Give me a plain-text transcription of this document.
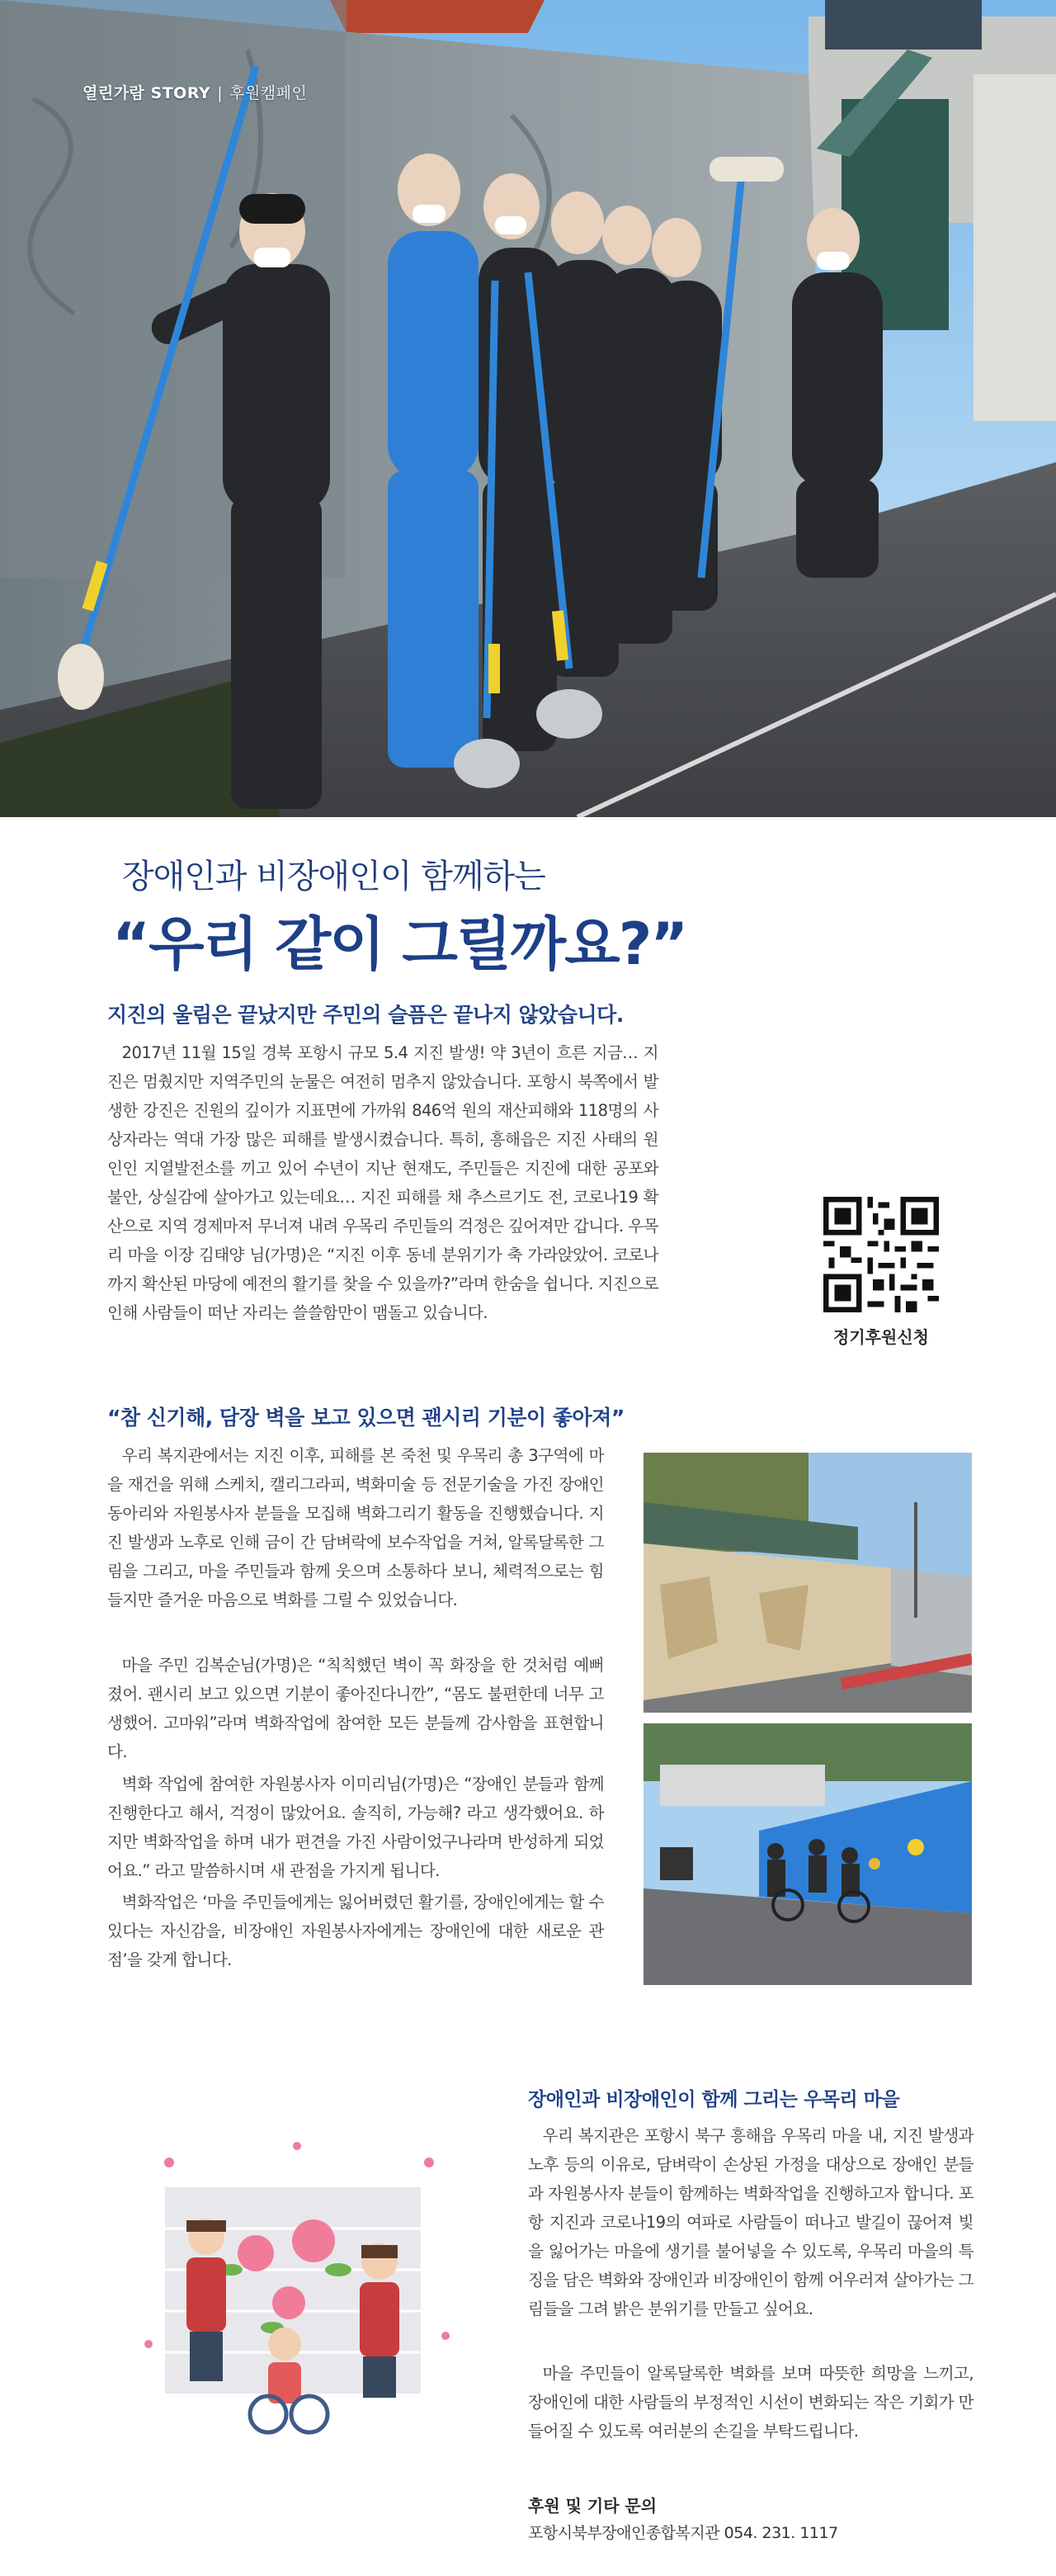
열린가람 STORY | 후원캠페인
장애인과 비장애인이 함께하는
“우리 같이 그릴까요?”
지진의 울림은 끝났지만 주민의 슬픔은 끝나지 않았습니다.

2017년 11월 15일 경북 포항시 규모 5.4 지진 발생! 약 3년이 흐른 지금… 지진은 멈췄지만 지역주민의 눈물은 여전히 멈추지 않았습니다. 포항시 북쪽에서 발생한 강진은 진원의 깊이가 지표면에 가까워 846억 원의 재산피해와 118명의 사상자라는 역대 가장 많은 피해를 발생시켰습니다. 특히, 흥해읍은 지진 사태의 원인인 지열발전소를 끼고 있어 수년이 지난 현재도, 주민들은 지진에 대한 공포와 불안, 상실감에 살아가고 있는데요… 지진 피해를 채 추스르기도 전, 코로나19 확산으로 지역 경제마저 무너져 내려 우목리 주민들의 걱정은 깊어져만 갑니다. 우목리 마을 이장 김태양 님(가명)은 “지진 이후 동네 분위기가 축 가라앉았어. 코로나까지 확산된 마당에 예전의 활기를 찾을 수 있을까?”라며 한숨을 쉽니다. 지진으로 인해 사람들이 떠난 자리는 쓸쓸함만이 맴돌고 있습니다.

정기후원신청
“참 신기해, 담장 벽을 보고 있으면 괜시리 기분이 좋아져”

우리 복지관에서는 지진 이후, 피해를 본 죽천 및 우목리 총 3구역에 마을 재건을 위해 스케치, 캘리그라피, 벽화미술 등 전문기술을 가진 장애인 동아리와 자원봉사자 분들을 모집해 벽화그리기 활동을 진행했습니다. 지진 발생과 노후로 인해 금이 간 담벼락에 보수작업을 거쳐, 알록달록한 그림을 그리고, 마을 주민들과 함께 웃으며 소통하다 보니, 체력적으로는 힘들지만 즐거운 마음으로 벽화를 그릴 수 있었습니다.

마을 주민 김복순님(가명)은 “칙칙했던 벽이 꼭 화장을 한 것처럼 예뻐졌어. 괜시리 보고 있으면 기분이 좋아진다니깐”, “몸도 불편한데 너무 고생했어. 고마워”라며 벽화작업에 참여한 모든 분들께 감사함을 표현합니다.

벽화 작업에 참여한 자원봉사자 이미리님(가명)은 “장애인 분들과 함께 진행한다고 해서, 걱정이 많았어요. 솔직히, 가능해? 라고 생각했어요. 하지만 벽화작업을 하며 내가 편견을 가진 사람이었구나라며 반성하게 되었어요.” 라고 말씀하시며 새 관점을 가지게 됩니다.

벽화작업은 ‘마을 주민들에게는 잃어버렸던 활기를, 장애인에게는 할 수 있다는 자신감을, 비장애인 자원봉사자에게는 장애인에 대한 새로운 관점’을 갖게 합니다.

장애인과 비장애인이 함께 그리는 우목리 마을

우리 복지관은 포항시 북구 흥해읍 우목리 마을 내, 지진 발생과 노후 등의 이유로, 담벼락이 손상된 가정을 대상으로 장애인 분들과 자원봉사자 분들이 함께하는 벽화작업을 진행하고자 합니다. 포항 지진과 코로나19의 여파로 사람들이 떠나고 발길이 끊어져 빛을 잃어가는 마을에 생기를 불어넣을 수 있도록, 우목리 마을의 특징을 담은 벽화와 장애인과 비장애인이 함께 어우러져 살아가는 그림들을 그려 밝은 분위기를 만들고 싶어요.

마을 주민들이 알록달록한 벽화를 보며 따뜻한 희망을 느끼고, 장애인에 대한 사람들의 부정적인 시선이 변화되는 작은 기회가 만들어질 수 있도록 여러분의 손길을 부탁드립니다.

후원 및 기타 문의
포항시북부장애인종합복지관 054. 231. 1117
